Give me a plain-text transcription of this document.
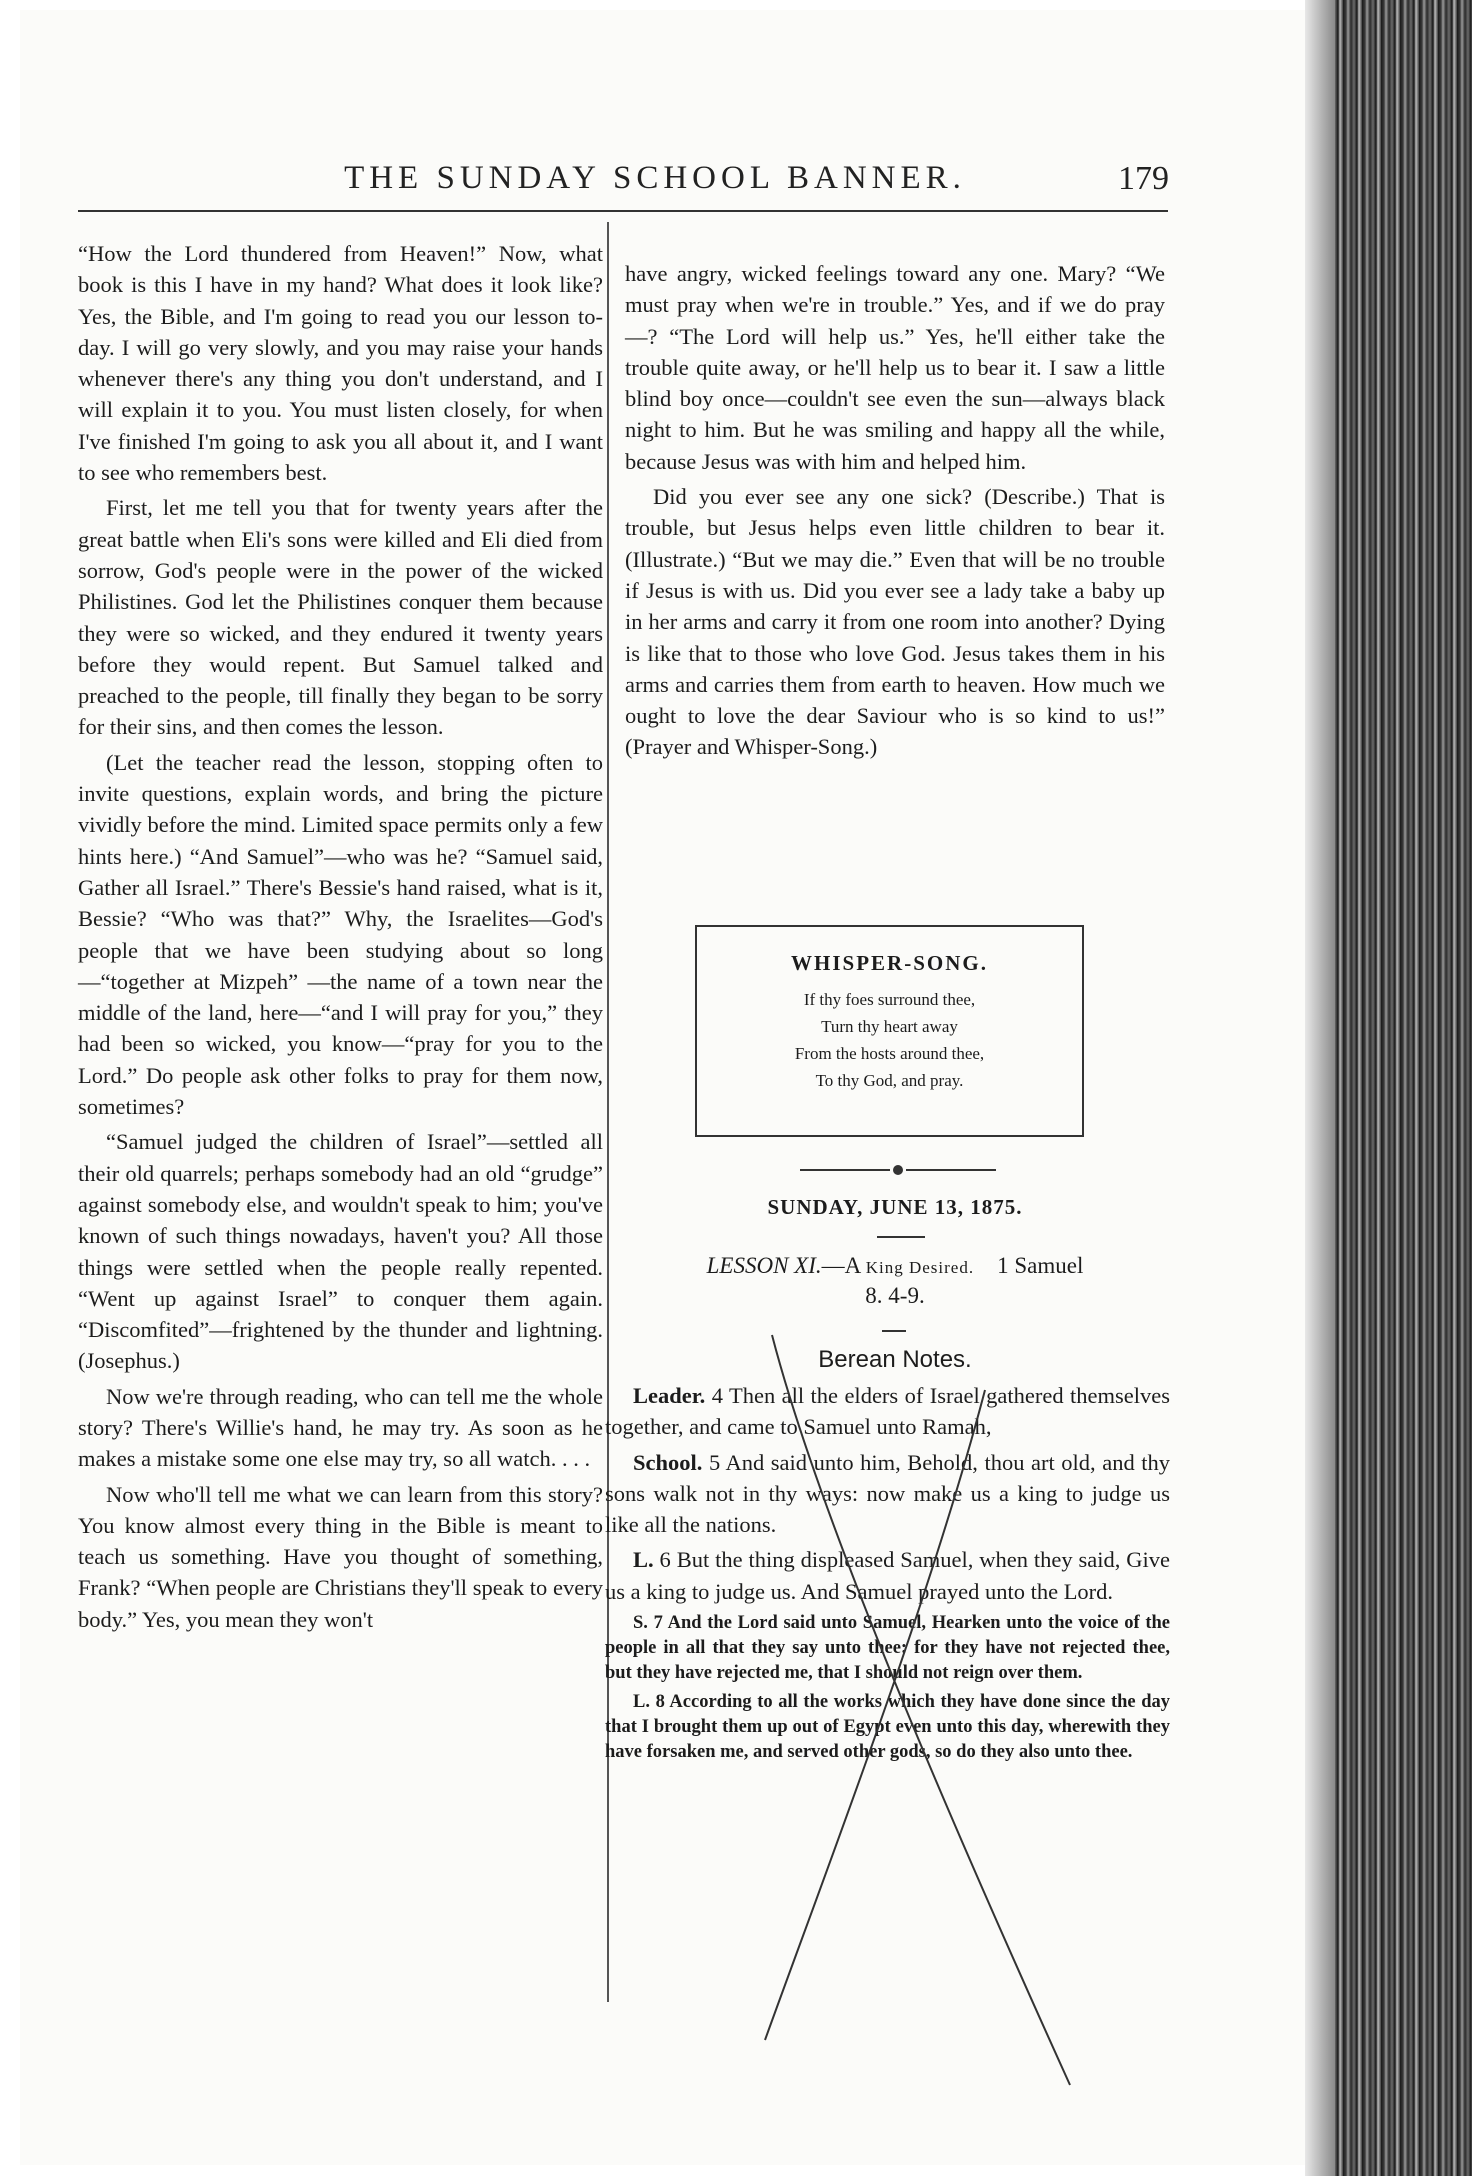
THE SUNDAY SCHOOL BANNER.	179

“How the Lord thundered from Heaven!” Now, what book is this I have in my hand? What does it look like? Yes, the Bible, and I'm going to read you our lesson to-day. I will go very slowly, and you may raise your hands whenever there's any thing you don't understand, and I will explain it to you. You must listen closely, for when I've finished I'm going to ask you all about it, and I want to see who remembers best.

First, let me tell you that for twenty years after the great battle when Eli's sons were killed and Eli died from sorrow, God's people were in the power of the wicked Philistines. God let the Philistines conquer them because they were so wicked, and they endured it twenty years before they would repent. But Samuel talked and preached to the people, till finally they began to be sorry for their sins, and then comes the lesson.

(Let the teacher read the lesson, stopping often to invite questions, explain words, and bring the picture vividly before the mind. Limited space permits only a few hints here.) “And Samuel”—who was he? “Samuel said, Gather all Israel.” There's Bessie's hand raised, what is it, Bessie? “Who was that?” Why, the Israelites—God's people that we have been studying about so long—“together at Mizpeh” —the name of a town near the middle of the land, here—“and I will pray for you,” they had been so wicked, you know—“pray for you to the Lord.” Do people ask other folks to pray for them now, sometimes?

“Samuel judged the children of Israel”—settled all their old quarrels; perhaps somebody had an old “grudge” against somebody else, and wouldn't speak to him; you've known of such things nowadays, haven't you? All those things were settled when the people really repented. “Went up against Israel” to conquer them again. “Discomfited”—frightened by the thunder and lightning. (Josephus.)

Now we're through reading, who can tell me the whole story? There's Willie's hand, he may try. As soon as he makes a mistake some one else may try, so all watch. . . .

Now who'll tell me what we can learn from this story? You know almost every thing in the Bible is meant to teach us something. Have you thought of something, Frank? “When people are Christians they'll speak to every body.” Yes, you mean they won't

have angry, wicked feelings toward any one. Mary? “We must pray when we're in trouble.” Yes, and if we do pray—? “The Lord will help us.” Yes, he'll either take the trouble quite away, or he'll help us to bear it. I saw a little blind boy once—couldn't see even the sun—always black night to him. But he was smiling and happy all the while, because Jesus was with him and helped him.

Did you ever see any one sick? (Describe.) That is trouble, but Jesus helps even little children to bear it. (Illustrate.) “But we may die.” Even that will be no trouble if Jesus is with us. Did you ever see a lady take a baby up in her arms and carry it from one room into another? Dying is like that to those who love God. Jesus takes them in his arms and carries them from earth to heaven. How much we ought to love the dear Saviour who is so kind to us!” (Prayer and Whisper-Song.)

WHISPER-SONG.
If thy foes surround thee,
Turn thy heart away
From the hosts around thee,
To thy God, and pray.
SUNDAY, JUNE 13, 1875.
LESSON XI.—A King Desired. 1 Samuel
8. 4-9.
Berean Notes.

Leader. 4 Then all the elders of Israel gathered themselves together, and came to Samuel unto Ramah,

School. 5 And said unto him, Behold, thou art old, and thy sons walk not in thy ways: now make us a king to judge us like all the nations.

L. 6 But the thing displeased Samuel, when they said, Give us a king to judge us. And Samuel prayed unto the Lord.

S. 7 And the Lord said unto Samuel, Hearken unto the voice of the people in all that they say unto thee: for they have not rejected thee, but they have rejected me, that I should not reign over them.

L. 8 According to all the works which they have done since the day that I brought them up out of Egypt even unto this day, wherewith they have forsaken me, and served other gods, so do they also unto thee.
